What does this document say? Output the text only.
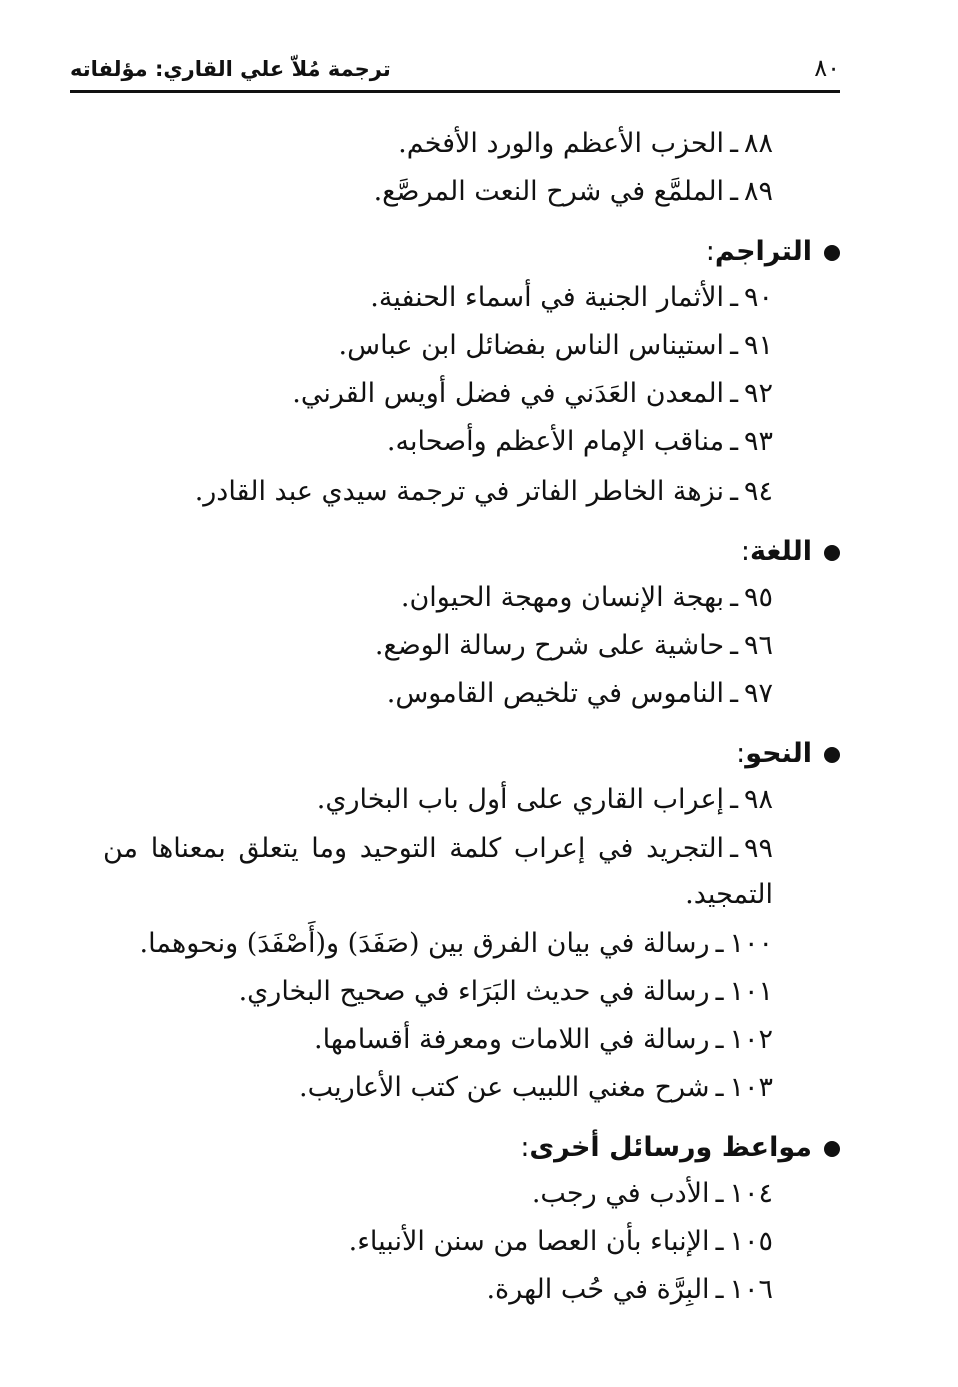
٨٠
ترجمة مُلاّ علي القاري: مؤلفاته
٨٨ـالحزب الأعظم والورد الأفخم.
٨٩ـالملمَّع في شرح النعت المرصَّع.
التراجم:
٩٠ـالأثمار الجنية في أسماء الحنفية.
٩١ـاستيناس الناس بفضائل ابن عباس.
٩٢ـالمعدن العَدَني في فضل أويس القرني.
٩٣ـمناقب الإمام الأعظم وأصحابه.
٩٤ـنزهة الخاطر الفاتر في ترجمة سيدي عبد القادر.
اللغة:
٩٥ـبهجة الإنسان ومهجة الحيوان.
٩٦ـحاشية على شرح رسالة الوضع.
٩٧ـالناموس في تلخيص القاموس.
النحو:
٩٨ـإعراب القاري على أول باب البخاري.
٩٩ـالتجريد في إعراب كلمة التوحيد وما يتعلق بمعناها من التمجيد.
١٠٠ـرسالة في بيان الفرق بين (صَفَدَ) و(أَصْفَدَ) ونحوهما.
١٠١ـرسالة في حديث البَرَاء في صحيح البخاري.
١٠٢ـرسالة في اللامات ومعرفة أقسامها.
١٠٣ـشرح مغني اللبيب عن كتب الأعاريب.
مواعظ ورسائل أخرى:
١٠٤ـالأدب في رجب.
١٠٥ـالإنباء بأن العصا من سنن الأنبياء.
١٠٦ـالبِرَّة في حُب الهرة.
